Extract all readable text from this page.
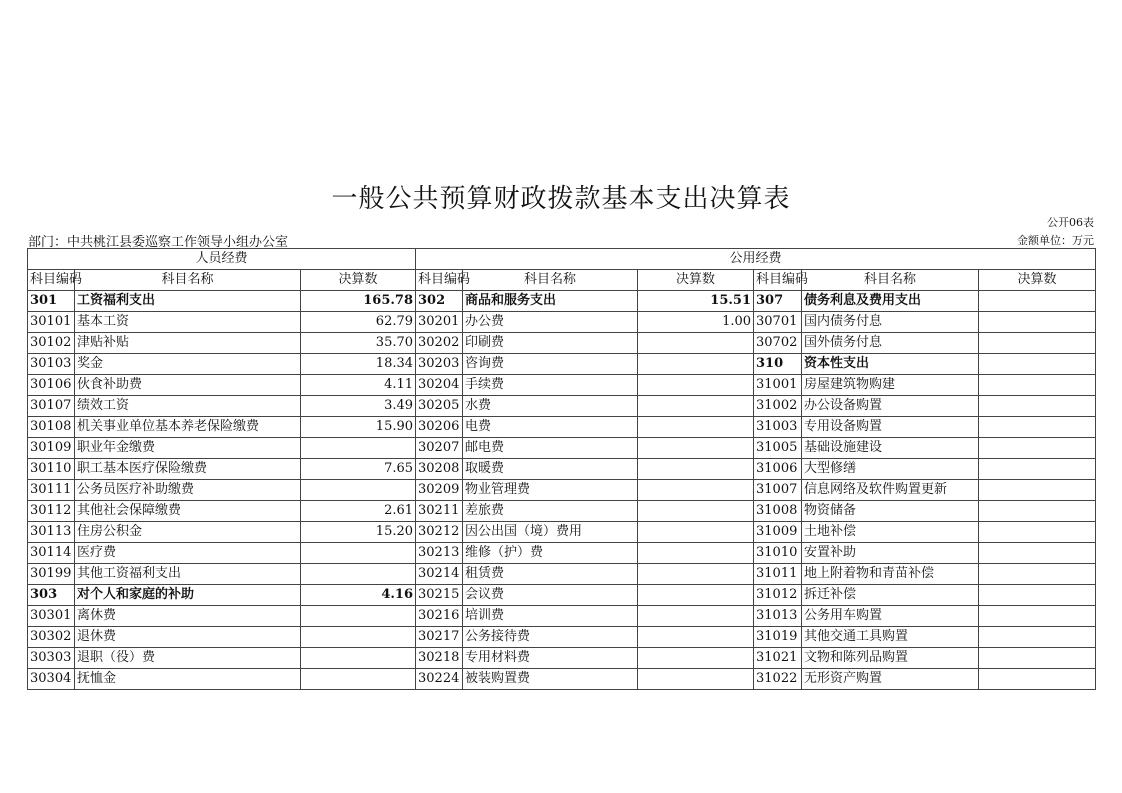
一般公共预算财政拨款基本支出决算表
公开06表
部门：中共桃江县委巡察工作领导小组办公室	金额单位：万元
人员经费			公用经费					
科目编码	科目名称	决算数	科目编码	科目名称	决算数	科目编码	科目名称	决算数
301	工资福利支出	165.78	302	商品和服务支出	15.51	307	债务利息及费用支出	
30101	基本工资	62.79	30201	办公费	1.00	30701	国内债务付息	
30102	津贴补贴	35.70	30202	印刷费		30702	国外债务付息	
30103	奖金	18.34	30203	咨询费		310	资本性支出	
30106	伙食补助费	4.11	30204	手续费		31001	房屋建筑物购建	
30107	绩效工资	3.49	30205	水费		31002	办公设备购置	
30108	机关事业单位基本养老保险缴费	15.90	30206	电费		31003	专用设备购置	
30109	职业年金缴费		30207	邮电费		31005	基础设施建设	
30110	职工基本医疗保险缴费	7.65	30208	取暖费		31006	大型修缮	
30111	公务员医疗补助缴费		30209	物业管理费		31007	信息网络及软件购置更新	
30112	其他社会保障缴费	2.61	30211	差旅费		31008	物资储备	
30113	住房公积金	15.20	30212	因公出国（境）费用		31009	土地补偿	
30114	医疗费		30213	维修（护）费		31010	安置补助	
30199	其他工资福利支出		30214	租赁费		31011	地上附着物和青苗补偿	
303	对个人和家庭的补助	4.16	30215	会议费		31012	拆迁补偿	
30301	离休费		30216	培训费		31013	公务用车购置	
30302	退休费		30217	公务接待费		31019	其他交通工具购置	
30303	退职（役）费		30218	专用材料费		31021	文物和陈列品购置	
30304	抚恤金		30224	被装购置费		31022	无形资产购置	
